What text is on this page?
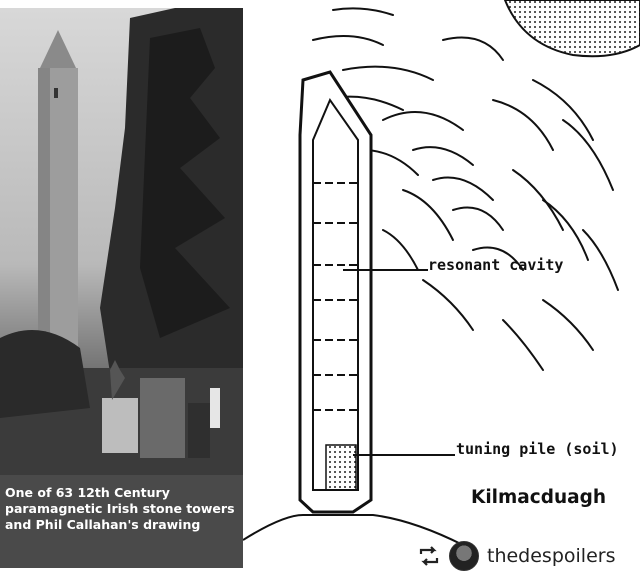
One of 63 12th Century paramagnetic Irish stone towers and Phil Callahan's drawing
resonant cavity
tuning pile (soil)
Kilmacduagh
thedespoilers
